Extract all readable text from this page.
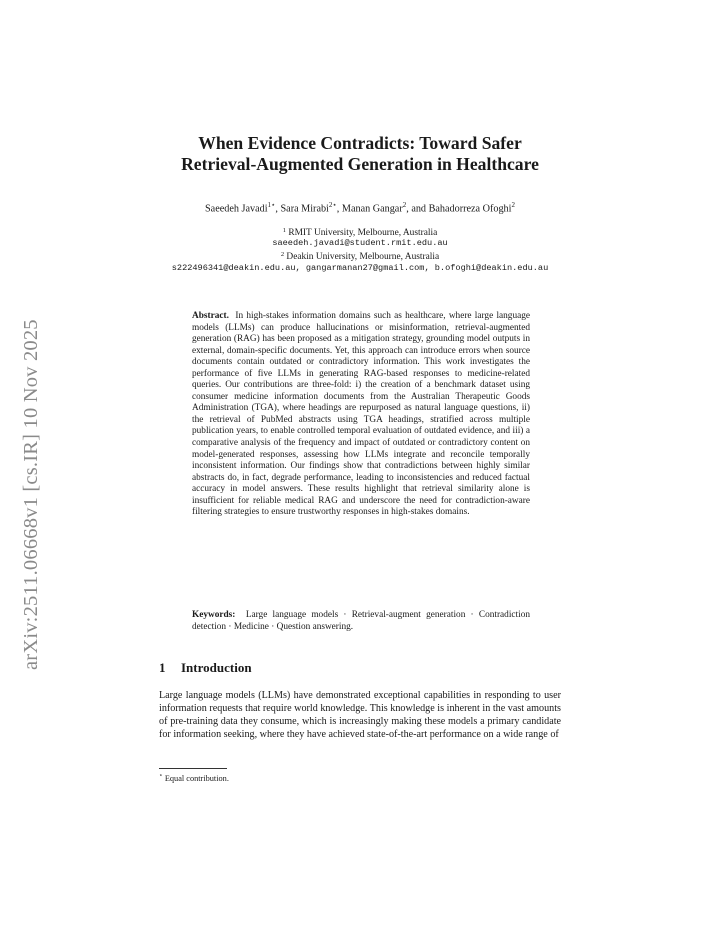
arXiv:2511.06668v1 [cs.IR] 10 Nov 2025
When Evidence Contradicts: Toward Safer
Retrieval-Augmented Generation in Healthcare
Saeedeh Javadi$^{1⋆}$, Sara Mirabi$^{2⋆}$, Manan Gangar$^2$, and Bahadorreza Ofoghi$^2$
$^1$ RMIT University, Melbourne, Australia
saeedeh.javadi@student.rmit.edu.au
$^2$ Deakin University, Melbourne, Australia
s222496341@deakin.edu.au, gangarmanan27@gmail.com, b.ofoghi@deakin.edu.au
Abstract. In high-stakes information domains such as healthcare, where large language models (LLMs) can produce hallucinations or misinformation, retrieval-augmented generation (RAG) has been proposed as a mitigation strategy, grounding model outputs in external, domain-specific documents. Yet, this approach can introduce errors when source documents contain outdated or contradictory information. This work investigates the performance of five LLMs in generating RAG-based responses to medicine-related queries. Our contributions are three-fold: i) the creation of a benchmark dataset using consumer medicine information documents from the Australian Therapeutic Goods Administration (TGA), where headings are repurposed as natural language questions, ii) the retrieval of PubMed abstracts using TGA headings, stratified across multiple publication years, to enable controlled temporal evaluation of outdated evidence, and iii) a comparative analysis of the frequency and impact of outdated or contradictory content on model-generated responses, assessing how LLMs integrate and reconcile temporally inconsistent information. Our findings show that contradictions between highly similar abstracts do, in fact, degrade performance, leading to inconsistencies and reduced factual accuracy in model answers. These results highlight that retrieval similarity alone is insufficient for reliable medical RAG and underscore the need for contradiction-aware filtering strategies to ensure trustworthy responses in high-stakes domains.
Keywords: Large language models · Retrieval-augment generation · Contradiction detection · Medicine · Question answering.
1 Introduction
Large language models (LLMs) have demonstrated exceptional capabilities in responding to user information requests that require world knowledge. This knowledge is inherent in the vast amounts of pre-training data they consume, which is increasingly making these models a primary candidate for information seeking, where they have achieved state-of-the-art performance on a wide range of
⋆ Equal contribution.
